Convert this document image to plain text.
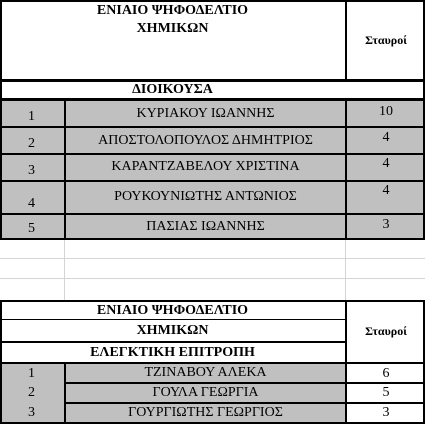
ΕΝΙΑΙΟ ΨΗΦΟΔΕΛΤΙΟ
ΧΗΜΙΚΩΝ
Σταυροί
ΔΙΟΙΚΟΥΣΑ
1	ΚΥΡΙΑΚΟΥ ΙΩΑΝΝΗΣ	10
2	ΑΠΟΣΤΟΛΟΠΟΥΛΟΣ ΔΗΜΗΤΡΙΟΣ	4
3	ΚΑΡΑΝΤΖΑΒΕΛΟΥ ΧΡΙΣΤΙΝΑ	4
4	ΡΟΥΚΟΥΝΙΩΤΗΣ ΑΝΤΩΝΙΟΣ	4
5	ΠΑΣΙΑΣ ΙΩΑΝΝΗΣ	3
ΕΝΙΑΙΟ ΨΗΦΟΔΕΛΤΙΟ
ΧΗΜΙΚΩΝ	Σταυροί
ΕΛΕΓΚΤΙΚΗ ΕΠΙΤΡΟΠΗ
1	ΤΖΙΝΑΒΟΥ ΑΛΕΚΑ	6
2	ΓΟΥΛΑ ΓΕΩΡΓΙΑ	5
3	ΓΟΥΡΓΙΩΤΗΣ ΓΕΩΡΓΙΟΣ	3
